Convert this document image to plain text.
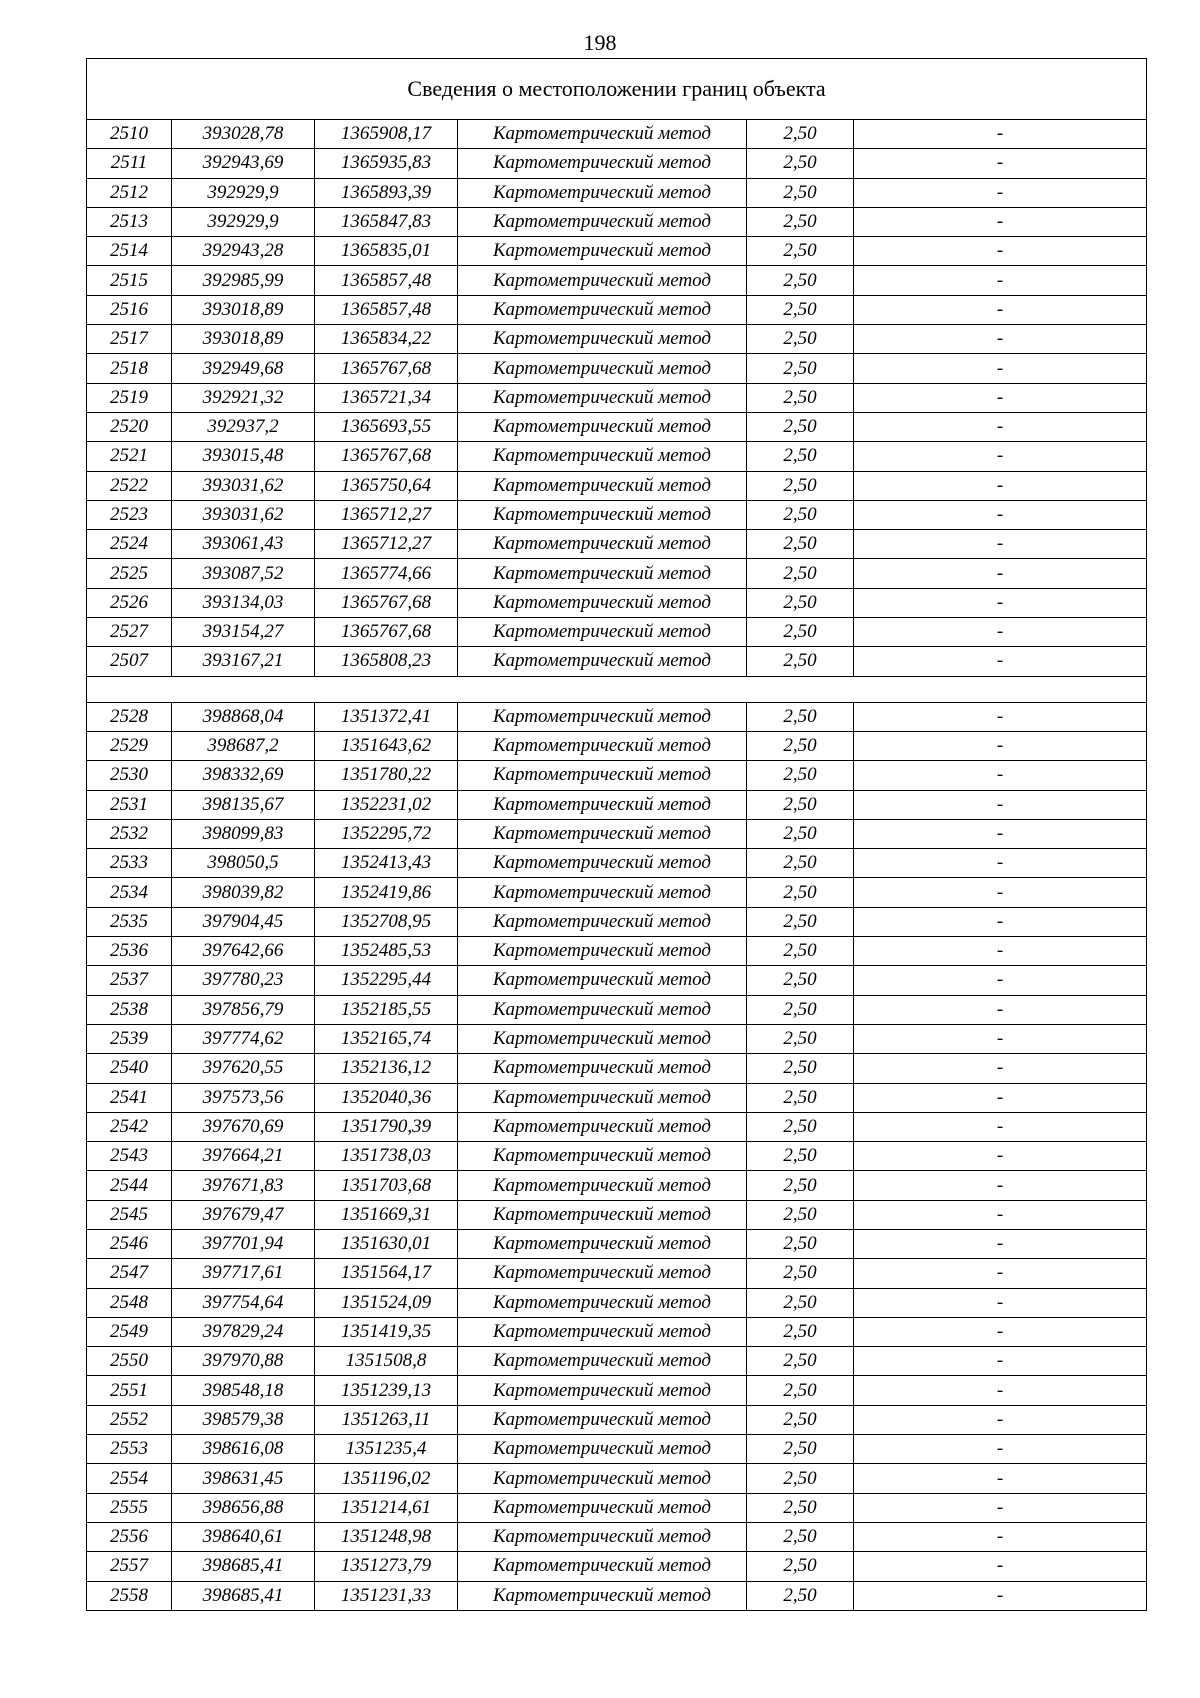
198
Сведения о местоположении границ объекта					
2510	393028,78	1365908,17	Картометрический метод	2,50	-
2511	392943,69	1365935,83	Картометрический метод	2,50	-
2512	392929,9	1365893,39	Картометрический метод	2,50	-
2513	392929,9	1365847,83	Картометрический метод	2,50	-
2514	392943,28	1365835,01	Картометрический метод	2,50	-
2515	392985,99	1365857,48	Картометрический метод	2,50	-
2516	393018,89	1365857,48	Картометрический метод	2,50	-
2517	393018,89	1365834,22	Картометрический метод	2,50	-
2518	392949,68	1365767,68	Картометрический метод	2,50	-
2519	392921,32	1365721,34	Картометрический метод	2,50	-
2520	392937,2	1365693,55	Картометрический метод	2,50	-
2521	393015,48	1365767,68	Картометрический метод	2,50	-
2522	393031,62	1365750,64	Картометрический метод	2,50	-
2523	393031,62	1365712,27	Картометрический метод	2,50	-
2524	393061,43	1365712,27	Картометрический метод	2,50	-
2525	393087,52	1365774,66	Картометрический метод	2,50	-
2526	393134,03	1365767,68	Картометрический метод	2,50	-
2527	393154,27	1365767,68	Картометрический метод	2,50	-
2507	393167,21	1365808,23	Картометрический метод	2,50	-

2528	398868,04	1351372,41	Картометрический метод	2,50	-
2529	398687,2	1351643,62	Картометрический метод	2,50	-
2530	398332,69	1351780,22	Картометрический метод	2,50	-
2531	398135,67	1352231,02	Картометрический метод	2,50	-
2532	398099,83	1352295,72	Картометрический метод	2,50	-
2533	398050,5	1352413,43	Картометрический метод	2,50	-
2534	398039,82	1352419,86	Картометрический метод	2,50	-
2535	397904,45	1352708,95	Картометрический метод	2,50	-
2536	397642,66	1352485,53	Картометрический метод	2,50	-
2537	397780,23	1352295,44	Картометрический метод	2,50	-
2538	397856,79	1352185,55	Картометрический метод	2,50	-
2539	397774,62	1352165,74	Картометрический метод	2,50	-
2540	397620,55	1352136,12	Картометрический метод	2,50	-
2541	397573,56	1352040,36	Картометрический метод	2,50	-
2542	397670,69	1351790,39	Картометрический метод	2,50	-
2543	397664,21	1351738,03	Картометрический метод	2,50	-
2544	397671,83	1351703,68	Картометрический метод	2,50	-
2545	397679,47	1351669,31	Картометрический метод	2,50	-
2546	397701,94	1351630,01	Картометрический метод	2,50	-
2547	397717,61	1351564,17	Картометрический метод	2,50	-
2548	397754,64	1351524,09	Картометрический метод	2,50	-
2549	397829,24	1351419,35	Картометрический метод	2,50	-
2550	397970,88	1351508,8	Картометрический метод	2,50	-
2551	398548,18	1351239,13	Картометрический метод	2,50	-
2552	398579,38	1351263,11	Картометрический метод	2,50	-
2553	398616,08	1351235,4	Картометрический метод	2,50	-
2554	398631,45	1351196,02	Картометрический метод	2,50	-
2555	398656,88	1351214,61	Картометрический метод	2,50	-
2556	398640,61	1351248,98	Картометрический метод	2,50	-
2557	398685,41	1351273,79	Картометрический метод	2,50	-
2558	398685,41	1351231,33	Картометрический метод	2,50	-
